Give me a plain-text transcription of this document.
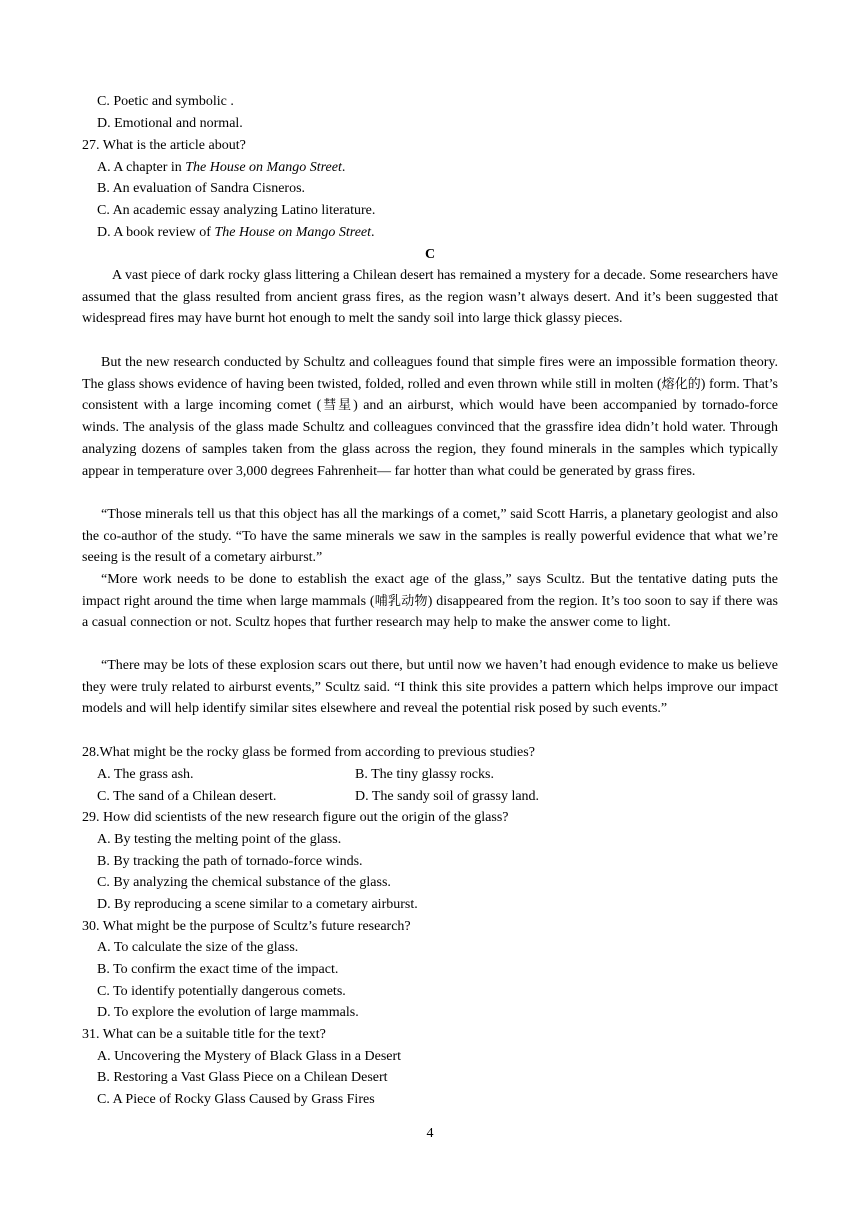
C. Poetic and symbolic .
D. Emotional and normal.
27. What is the article about?
A. A chapter in The House on Mango Street.
B. An evaluation of Sandra Cisneros.
C. An academic essay analyzing Latino literature.
D. A book review of The House on Mango Street.
C

A vast piece of dark rocky glass littering a Chilean desert has remained a mystery for a decade. Some researchers have assumed that the glass resulted from ancient grass fires, as the region wasn’t always desert. And it’s been suggested that widespread fires may have burnt hot enough to melt the sandy soil into large thick glassy pieces.

But the new research conducted by Schultz and colleagues found that simple fires were an impossible formation theory. The glass shows evidence of having been twisted, folded, rolled and even thrown while still in molten (熔化的) form. That’s consistent with a large incoming comet (彗星) and an airburst, which would have been accompanied by tornado-force winds. The analysis of the glass made Schultz and colleagues convinced that the grassfire idea didn’t hold water. Through analyzing dozens of samples taken from the glass across the region, they found minerals in the samples which typically appear in temperature over 3,000 degrees Fahrenheit— far hotter than what could be generated by grass fires.

“Those minerals tell us that this object has all the markings of a comet,” said Scott Harris, a planetary geologist and also the co-author of the study. “To have the same minerals we saw in the samples is really powerful evidence that what we’re seeing is the result of a cometary airburst.”

“More work needs to be done to establish the exact age of the glass,” says Scultz. But the tentative dating puts the impact right around the time when large mammals (哺乳动物) disappeared from the region. It’s too soon to say if there was a casual connection or not. Scultz hopes that further research may help to make the answer come to light.

“There may be lots of these explosion scars out there, but until now we haven’t had enough evidence to make us believe they were truly related to airburst events,” Scultz said. “I think this site provides a pattern which helps improve our impact models and will help identify similar sites elsewhere and reveal the potential risk posed by such events.”

28.What might be the rocky glass be formed from according to previous studies?
A. The grass ash.	B. The tiny glassy rocks.
C. The sand of a Chilean desert.	D. The sandy soil of grassy land.
29. How did scientists of the new research figure out the origin of the glass?
A. By testing the melting point of the glass.
B. By tracking the path of tornado-force winds.
C. By analyzing the chemical substance of the glass.
D. By reproducing a scene similar to a cometary airburst.
30. What might be the purpose of Scultz’s future research?
A. To calculate the size of the glass.
B. To confirm the exact time of the impact.
C. To identify potentially dangerous comets.
D. To explore the evolution of large mammals.
31. What can be a suitable title for the text?
A. Uncovering the Mystery of Black Glass in a Desert
B. Restoring a Vast Glass Piece on a Chilean Desert
C. A Piece of Rocky Glass Caused by Grass Fires
4
